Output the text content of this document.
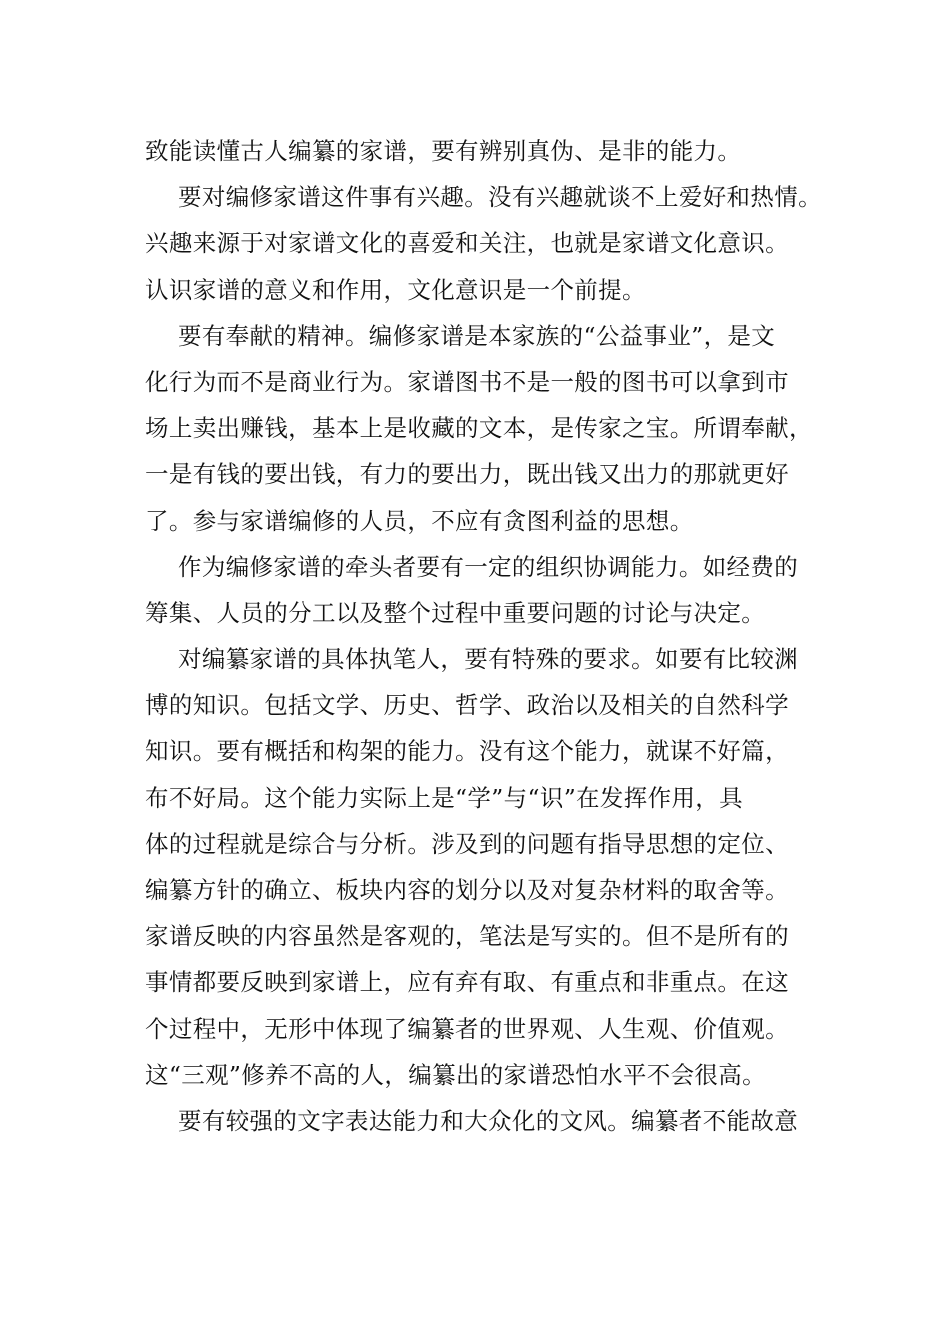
致能读懂古人编纂的家谱，要有辨别真伪、是非的能力。
要对编修家谱这件事有兴趣。没有兴趣就谈不上爱好和热情。
兴趣来源于对家谱文化的喜爱和关注，也就是家谱文化意识。
认识家谱的意义和作用，文化意识是一个前提。
要有奉献的精神。编修家谱是本家族的“公益事业”，是文
化行为而不是商业行为。家谱图书不是一般的图书可以拿到市
场上卖出赚钱，基本上是收藏的文本，是传家之宝。所谓奉献，
一是有钱的要出钱，有力的要出力，既出钱又出力的那就更好
了。参与家谱编修的人员，不应有贪图利益的思想。
作为编修家谱的牵头者要有一定的组织协调能力。如经费的
筹集、人员的分工以及整个过程中重要问题的讨论与决定。
对编纂家谱的具体执笔人，要有特殊的要求。如要有比较渊
博的知识。包括文学、历史、哲学、政治以及相关的自然科学
知识。要有概括和构架的能力。没有这个能力，就谋不好篇，
布不好局。这个能力实际上是“学”与“识”在发挥作用，具
体的过程就是综合与分析。涉及到的问题有指导思想的定位、
编纂方针的确立、板块内容的划分以及对复杂材料的取舍等。
家谱反映的内容虽然是客观的，笔法是写实的。但不是所有的
事情都要反映到家谱上，应有弃有取、有重点和非重点。在这
个过程中，无形中体现了编纂者的世界观、人生观、价值观。
这“三观”修养不高的人，编纂出的家谱恐怕水平不会很高。
要有较强的文字表达能力和大众化的文风。编纂者不能故意
